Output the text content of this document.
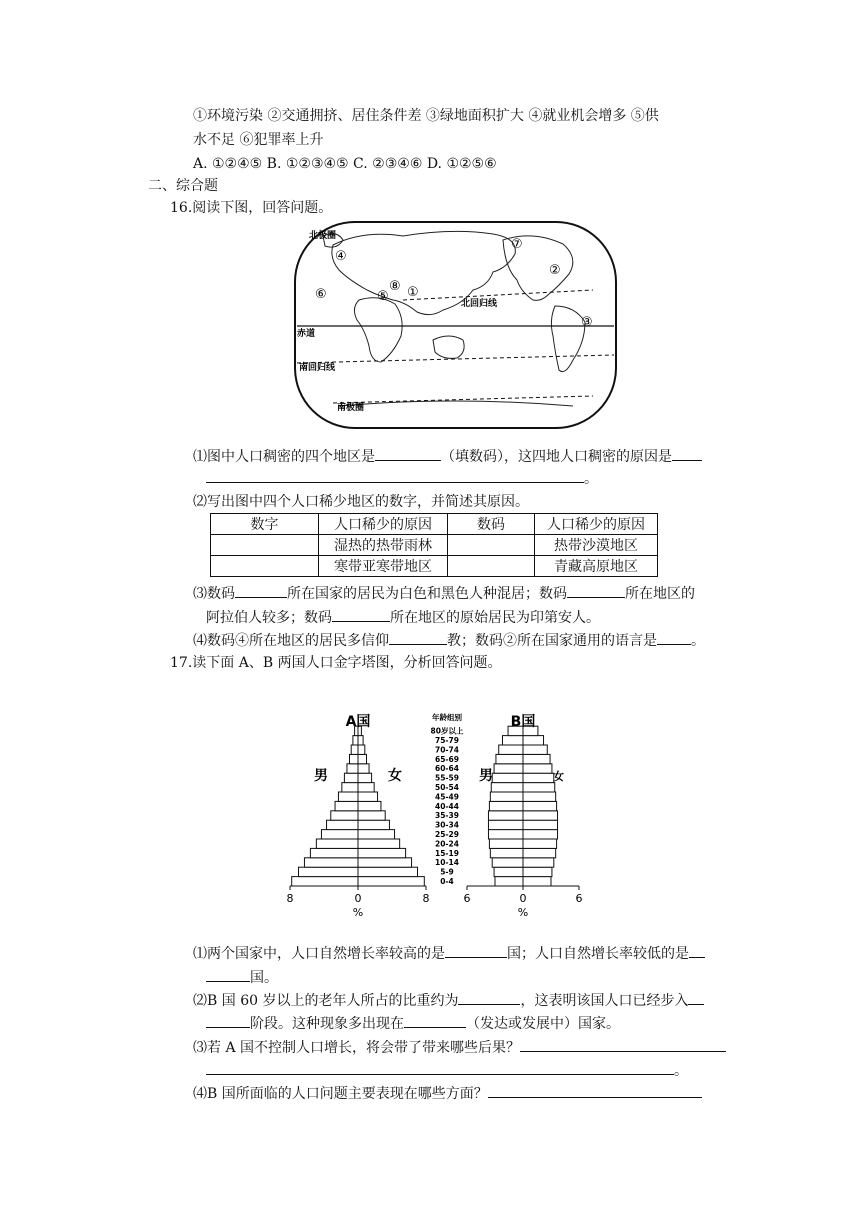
①环境污染 ②交通拥挤、居住条件差 ③绿地面积扩大 ④就业机会增多 ⑤供
水不足 ⑥犯罪率上升
A. ①②④⑤ B. ①②③④⑤ C. ②③④⑥ D. ①②⑤⑥
二、综合题
16.阅读下图，回答问题。
北极圈
赤道
北回归线
南回归线
南极圈
①
②
③
④
⑤
⑥
⑦
⑧
⑴图中人口稠密的四个地区是	（填数码），这四地人口稠密的原因是
。
⑵写出图中四个人口稀少地区的数字，并简述其原因。
数字	人口稀少的原因	数码	人口稀少的原因
	湿热的热带雨林		热带沙漠地区
	寒带亚寒带地区		青藏高原地区
⑶数码	所在国家的居民为白色和黑色人种混居；数码	所在地区的
阿拉伯人较多；数码	所在地区的原始居民为印第安人。
⑷数码④所在地区的居民多信仰	教；数码②所在国家通用的语言是 。
17.读下面 A、B 两国人口金字塔图，分析回答问题。
8	0	8
%
A国
男	女
6	0	6
%
B国
男	女
年龄组别
0-4
5-9
10-14
15-19
20-24
25-29
30-34
35-39
40-44
45-49
50-54
55-59
60-64
65-69
70-74
75-79
80岁以上
⑴两个国家中，人口自然增长率较高的是	国；人口自然增长率较低的是
国。
⑵B 国 60 岁以上的老年人所占的比重约为	，这表明该国人口已经步入
阶段。这种现象多出现在	（发达或发展中）国家。
⑶若 A 国不控制人口增长，将会带了带来哪些后果？
。
⑷B 国所面临的人口问题主要表现在哪些方面？
